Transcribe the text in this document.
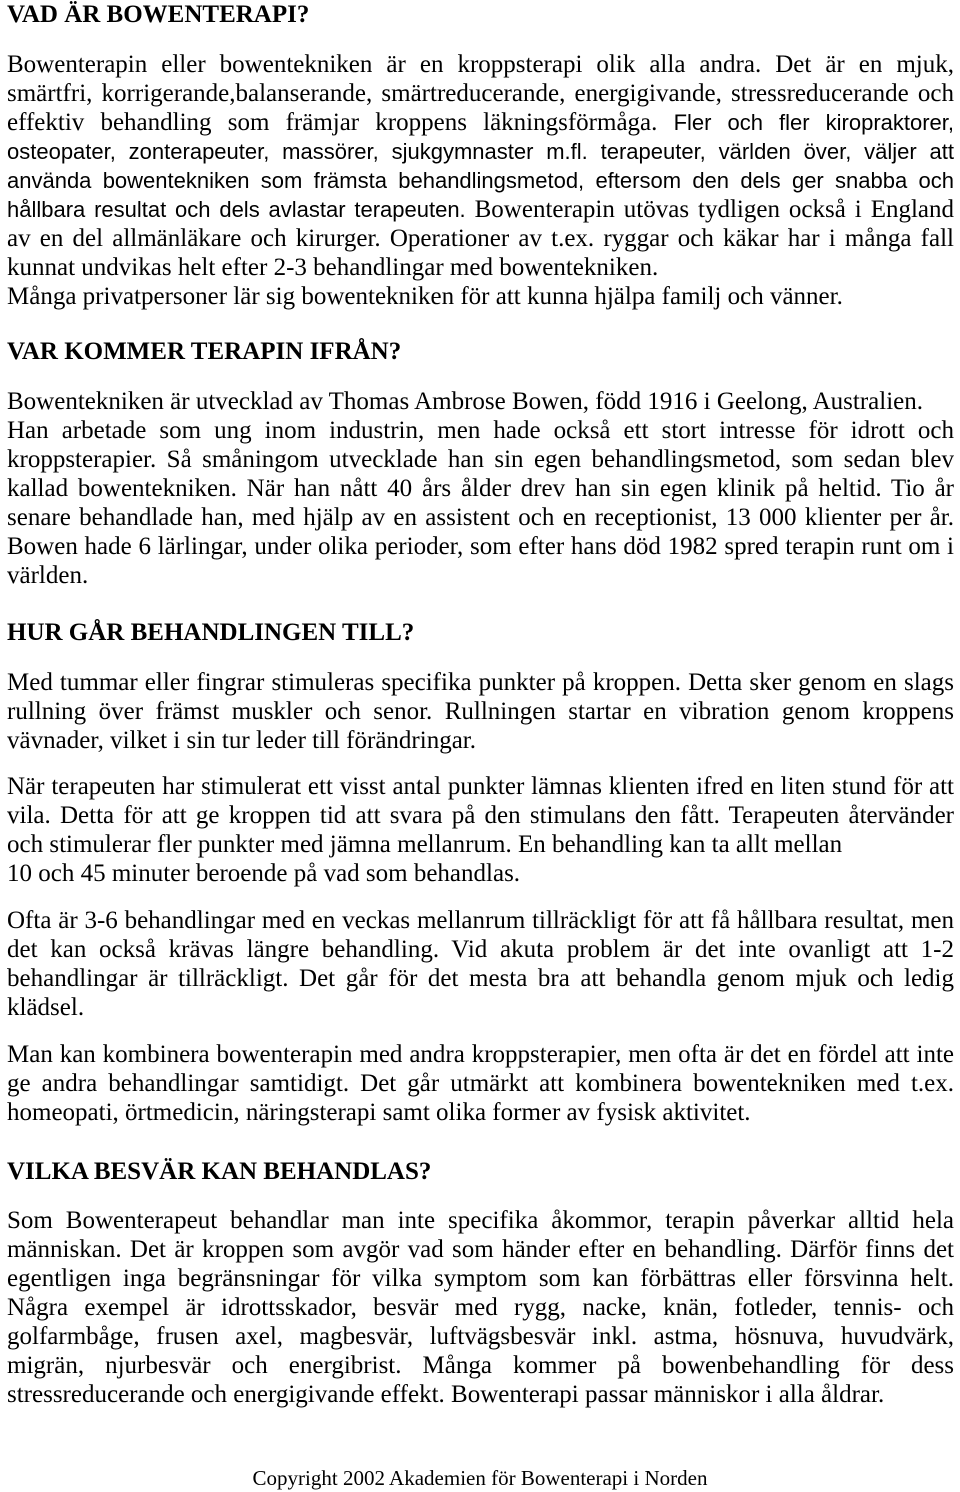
VAD ÄR BOWENTERAPI?
Bowenterapin eller bowentekniken är en kroppsterapi olik alla andra. Det är en mjuk,
smärtfri, korrigerande,balanserande, smärtreducerande, energigivande, stressreducerande och
effektiv behandling som främjar kroppens läkningsförmåga. Fler och fler kiropraktorer,
osteopater, zonterapeuter, massörer, sjukgymnaster m.fl. terapeuter, världen över, väljer att
använda bowentekniken som främsta behandlingsmetod, eftersom den dels ger snabba och
hållbara resultat och dels avlastar terapeuten. Bowenterapin utövas tydligen också i England
av en del allmänläkare och kirurger. Operationer av t.ex. ryggar och käkar har i många fall
kunnat undvikas helt efter 2-3 behandlingar med bowentekniken.
Många privatpersoner lär sig bowentekniken för att kunna hjälpa familj och vänner.
VAR KOMMER TERAPIN IFRÅN?
Bowentekniken är utvecklad av Thomas Ambrose Bowen, född 1916 i Geelong, Australien.
Han arbetade som ung inom industrin, men hade också ett stort intresse för idrott och
kroppsterapier. Så småningom utvecklade han sin egen behandlingsmetod, som sedan blev
kallad bowentekniken. När han nått 40 års ålder drev han sin egen klinik på heltid. Tio år
senare behandlade han, med hjälp av en assistent och en receptionist, 13 000 klienter per år.
Bowen hade 6 lärlingar, under olika perioder, som efter hans död 1982 spred terapin runt om i
världen.
HUR GÅR BEHANDLINGEN TILL?
Med tummar eller fingrar stimuleras specifika punkter på kroppen. Detta sker genom en slags
rullning över främst muskler och senor. Rullningen startar en vibration genom kroppens
vävnader, vilket i sin tur leder till förändringar.
När terapeuten har stimulerat ett visst antal punkter lämnas klienten ifred en liten stund för att
vila. Detta för att ge kroppen tid att svara på den stimulans den fått. Terapeuten återvänder
och stimulerar fler punkter med jämna mellanrum. En behandling kan ta allt mellan
10 och 45 minuter beroende på vad som behandlas.
Ofta är 3-6 behandlingar med en veckas mellanrum tillräckligt för att få hållbara resultat, men
det kan också krävas längre behandling. Vid akuta problem är det inte ovanligt att 1-2
behandlingar är tillräckligt. Det går för det mesta bra att behandla genom mjuk och ledig
klädsel.
Man kan kombinera bowenterapin med andra kroppsterapier, men ofta är det en fördel att inte
ge andra behandlingar samtidigt. Det går utmärkt att kombinera bowentekniken med t.ex.
homeopati, örtmedicin, näringsterapi samt olika former av fysisk aktivitet.
VILKA BESVÄR KAN BEHANDLAS?
Som Bowenterapeut behandlar man inte specifika åkommor, terapin påverkar alltid hela
människan. Det är kroppen som avgör vad som händer efter en behandling. Därför finns det
egentligen inga begränsningar för vilka symptom som kan förbättras eller försvinna helt.
Några exempel är idrottsskador, besvär med rygg, nacke, knän, fotleder, tennis- och
golfarmbåge, frusen axel, magbesvär, luftvägsbesvär inkl. astma, hösnuva, huvudvärk,
migrän, njurbesvär och energibrist. Många kommer på bowenbehandling för dess
stressreducerande och energigivande effekt. Bowenterapi passar människor i alla åldrar.
Copyright 2002 Akademien för Bowenterapi i Norden
